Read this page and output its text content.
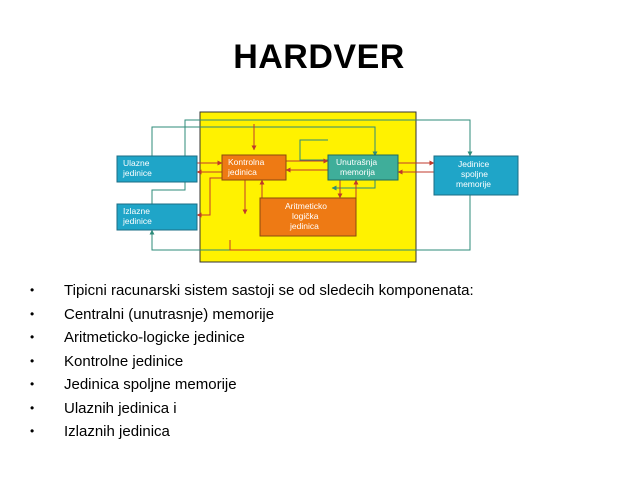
HARDVER
Ulazne
jedinice
Izlazne
jedinice
Kontrolna
jedinica
Unutrašnja
memorija
Aritmeticko
logička
jedinica
Jedinice
spoljne
memorije
• Tipicni racunarski sistem sastoji se od sledecih komponenata:
• Centralni (unutrasnje) memorije
• Aritmeticko-logicke jedinice
• Kontrolne jedinice
• Jedinica spoljne memorije
• Ulaznih jedinica i
• Izlaznih jedinica
